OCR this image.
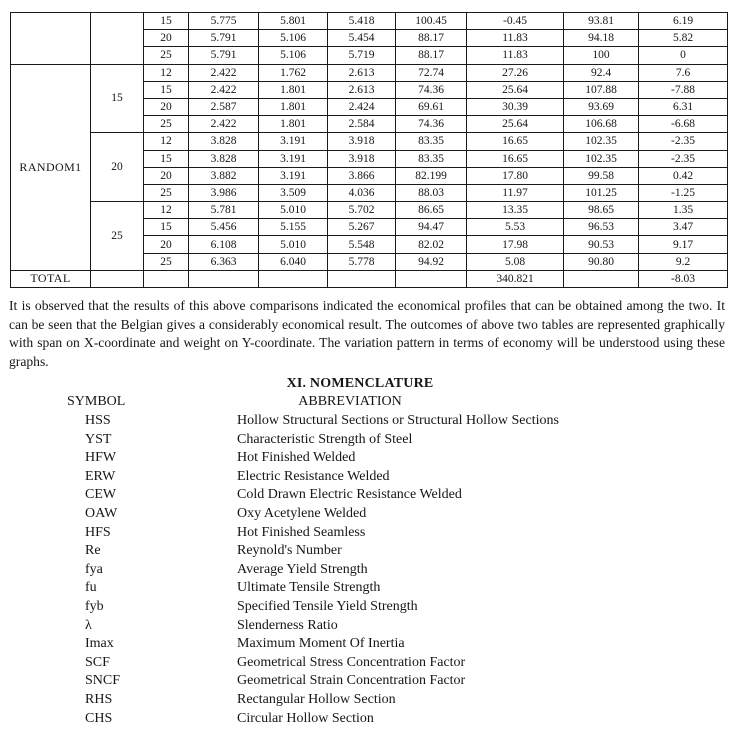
		15	5.775	5.801	5.418	100.45	-0.45	93.81	6.19
		20	5.791	5.106	5.454	88.17	11.83	94.18	5.82
		25	5.791	5.106	5.719	88.17	11.83	100	0
RANDOM1	15	12	2.422	1.762	2.613	72.74	27.26	92.4	7.6
		15	2.422	1.801	2.613	74.36	25.64	107.88	-7.88
		20	2.587	1.801	2.424	69.61	30.39	93.69	6.31
		25	2.422	1.801	2.584	74.36	25.64	106.68	-6.68
	20	12	3.828	3.191	3.918	83.35	16.65	102.35	-2.35
		15	3.828	3.191	3.918	83.35	16.65	102.35	-2.35
		20	3.882	3.191	3.866	82.199	17.80	99.58	0.42
		25	3.986	3.509	4.036	88.03	11.97	101.25	-1.25
	25	12	5.781	5.010	5.702	86.65	13.35	98.65	1.35
		15	5.456	5.155	5.267	94.47	5.53	96.53	3.47
		20	6.108	5.010	5.548	82.02	17.98	90.53	9.17
		25	6.363	6.040	5.778	94.92	5.08	90.80	9.2
TOTAL							340.821		-8.03
It is observed that the results of this above comparisons indicated the economical profiles that can be obtained among the two. It can be seen that the Belgian gives a considerably economical result. The outcomes of above two tables are represented graphically with span on X-coordinate and weight on Y-coordinate. The variation pattern in terms of economy will be understood using these graphs.
XI. NOMENCLATURE
SYMBOL	ABBREVIATION
HSS	Hollow Structural Sections or Structural Hollow Sections
YST	Characteristic Strength of Steel
HFW	Hot Finished Welded
ERW	Electric Resistance Welded
CEW	Cold Drawn Electric Resistance Welded
OAW	Oxy Acetylene Welded
HFS	Hot Finished Seamless
Re	Reynold's Number
fya	Average Yield Strength
fu	Ultimate Tensile Strength
fyb	Specified Tensile Yield Strength
λ	Slenderness Ratio
Imax	Maximum Moment Of Inertia
SCF	Geometrical Stress Concentration Factor
SNCF	Geometrical Strain Concentration Factor
RHS	Rectangular Hollow Section
CHS	Circular Hollow Section
